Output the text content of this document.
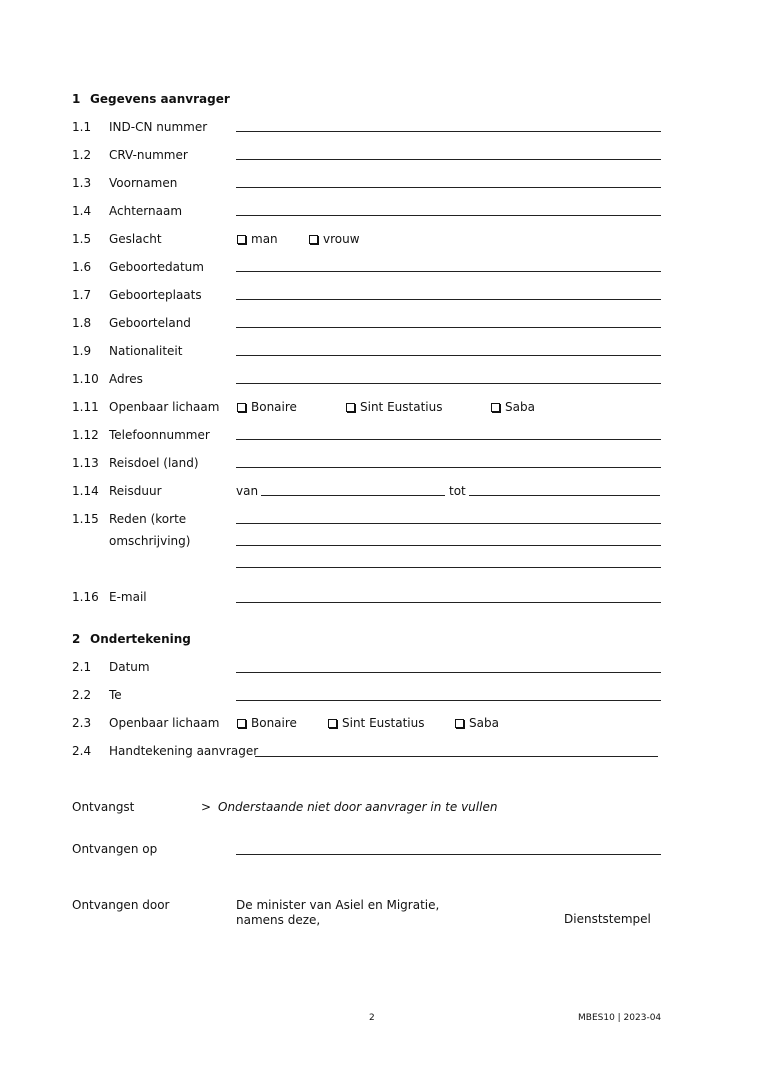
1 Gegevens aanvrager
1.1 IND-CN nummer
1.2 CRV-nummer
1.3 Voornamen
1.4 Achternaam
1.5 Geslacht	man	vrouw
1.6 Geboortedatum
1.7 Geboorteplaats
1.8 Geboorteland
1.9 Nationaliteit
1.10 Adres
1.11 Openbaar lichaam	Bonaire	Sint Eustatius	Saba
1.12 Telefoonnummer
1.13 Reisdoel (land)
1.14 Reisduur	van	tot
1.15 Reden (korte
omschrijving)
1.16 E-mail
2 Ondertekening
2.1 Datum
2.2 Te
2.3 Openbaar lichaam	Bonaire	Sint Eustatius	Saba
2.4 Handtekening aanvrager
Ontvangst	> Onderstaande niet door aanvrager in te vullen
Ontvangen op
Ontvangen door	De minister van Asiel en Migratie,
namens deze,	Dienststempel
2	MBES10 | 2023-04
